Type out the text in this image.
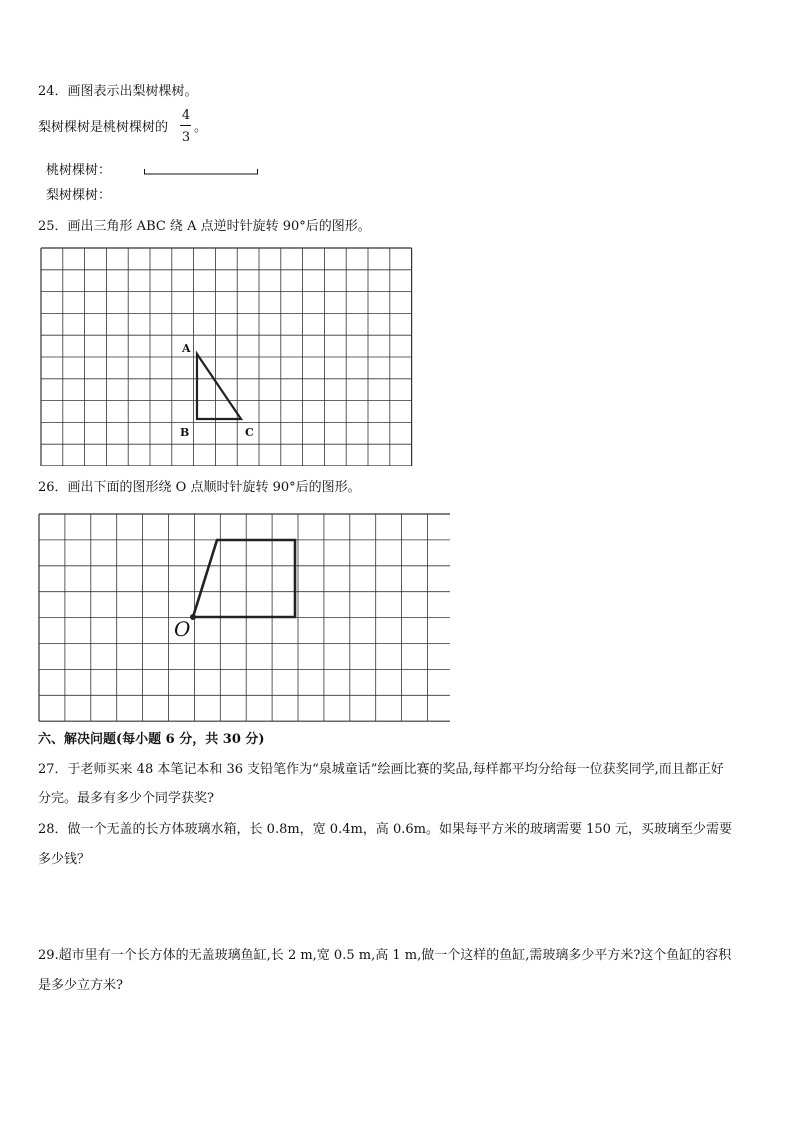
24．画图表示出梨树棵树。
梨树棵树是桃树棵树的
4
3
。
桃树棵树：
梨树棵树：
25．画出三角形 ABC 绕 A 点逆时针旋转 90°后的图形。
A
B	C
26．画出下面的图形绕 O 点顺时针旋转 90°后的图形。
O
六、解决问题(每小题 6 分，共 30 分)
27．于老师买来 48 本笔记本和 36 支铅笔作为“泉城童话”绘画比赛的奖品,每样都平均分给每一位获奖同学,而且都正好
分完。最多有多少个同学获奖?
28．做一个无盖的长方体玻璃水箱，长 0.8m，宽 0.4m，高 0.6m。如果每平方米的玻璃需要 150 元，买玻璃至少需要
多少钱？
29.超市里有一个长方体的无盖玻璃鱼缸,长 2 m,宽 0.5 m,高 1 m,做一个这样的鱼缸,需玻璃多少平方米?这个鱼缸的容积
是多少立方米?
